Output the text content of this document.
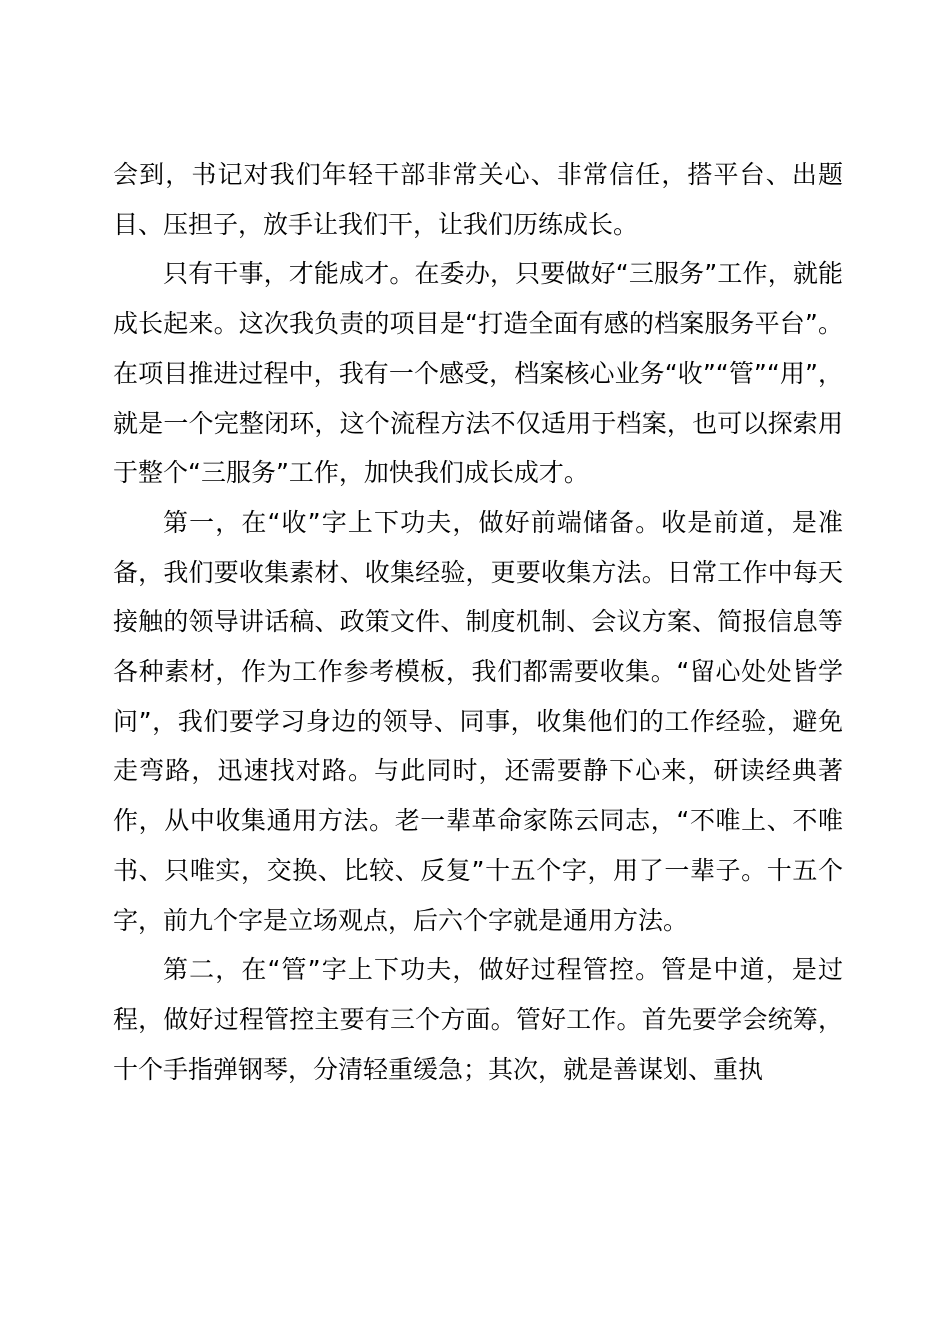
会到，书记对我们年轻干部非常关心、非常信任，搭平台、出题目、压担子，放手让我们干，让我们历练成长。

只有干事，才能成才。在委办，只要做好“三服务”工作，就能成长起来。这次我负责的项目是“打造全面有感的档案服务平台”。在项目推进过程中，我有一个感受，档案核心业务“收”“管”“用”，就是一个完整闭环，这个流程方法不仅适用于档案，也可以探索用于整个“三服务”工作，加快我们成长成才。

第一，在“收”字上下功夫，做好前端储备。收是前道，是准备，我们要收集素材、收集经验，更要收集方法。日常工作中每天接触的领导讲话稿、政策文件、制度机制、会议方案、简报信息等各种素材，作为工作参考模板，我们都需要收集。“留心处处皆学问”，我们要学习身边的领导、同事，收集他们的工作经验，避免走弯路，迅速找对路。与此同时，还需要静下心来，研读经典著作，从中收集通用方法。老一辈革命家陈云同志，“不唯上、不唯书、只唯实，交换、比较、反复”十五个字，用了一辈子。十五个字，前九个字是立场观点，后六个字就是通用方法。

第二，在“管”字上下功夫，做好过程管控。管是中道，是过程，做好过程管控主要有三个方面。管好工作。首先要学会统筹，十个手指弹钢琴，分清轻重缓急；其次，就是善谋划、重执
